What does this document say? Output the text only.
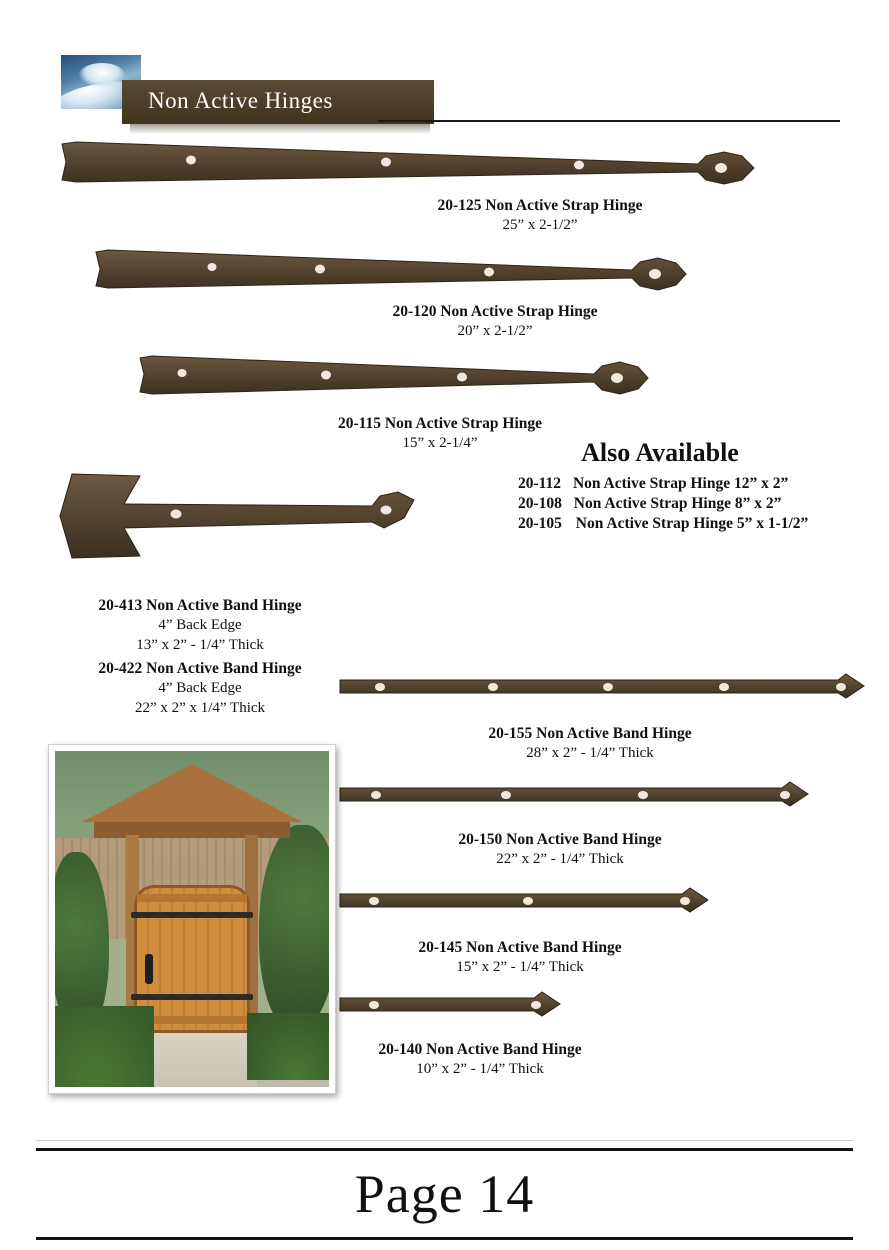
Non Active Hinges
20-125 Non Active Strap Hinge
25” x 2-1/2”
20-120 Non Active Strap Hinge
20” x 2-1/2”
20-115 Non Active Strap Hinge
15” x 2-1/4”	Also Available
20-112 Non Active Strap Hinge 12” x 2”
20-108 Non Active Strap Hinge 8” x 2”
20-105 Non Active Strap Hinge 5” x 1-1/2”
20-413 Non Active Band Hinge
4” Back Edge
13” x 2” - 1/4” Thick
20-422 Non Active Band Hinge
4” Back Edge
22” x 2” x 1/4” Thick
20-155 Non Active Band Hinge
28” x 2” - 1/4” Thick
20-150 Non Active Band Hinge
22” x 2” - 1/4” Thick
20-145 Non Active Band Hinge
15” x 2” - 1/4” Thick
20-140 Non Active Band Hinge
10” x 2” - 1/4” Thick
Page 14
